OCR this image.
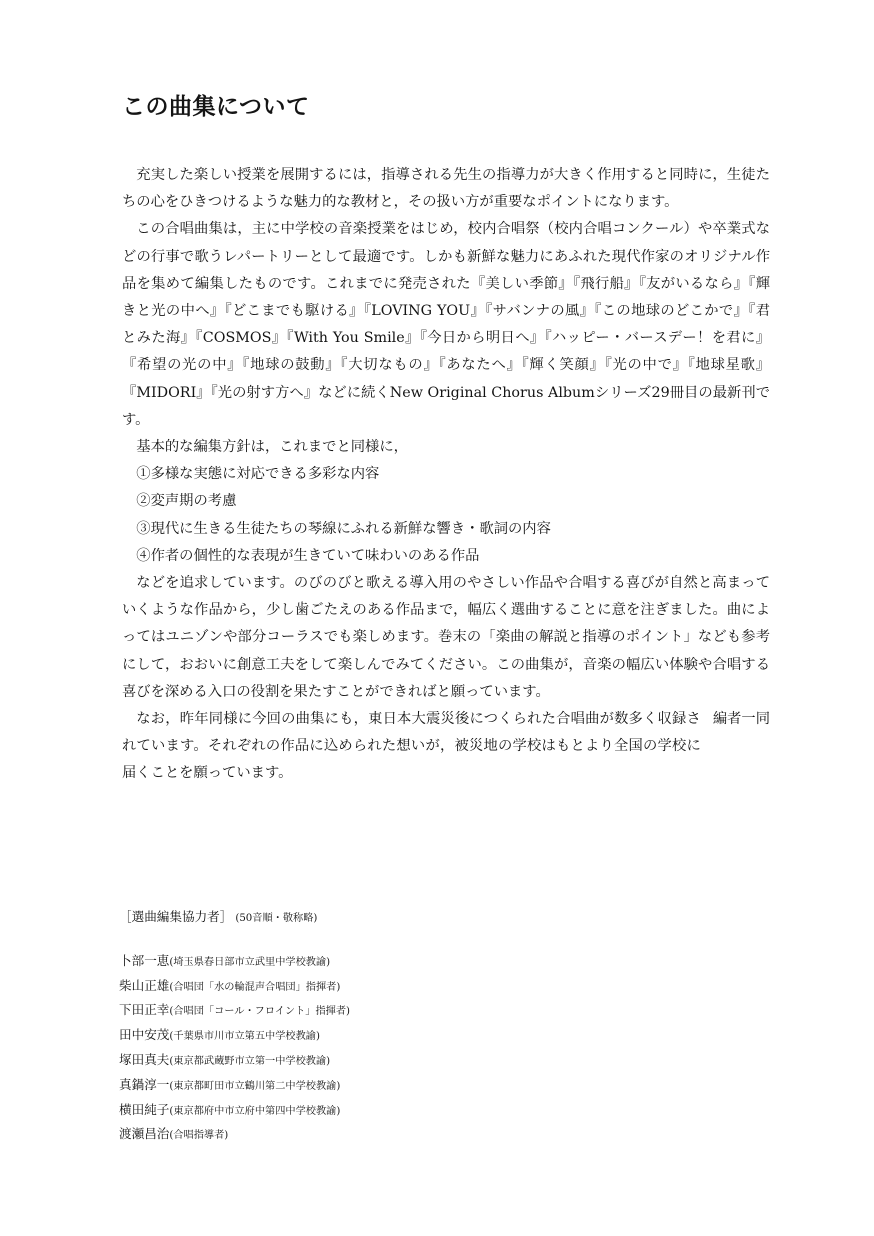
この曲集について

充実した楽しい授業を展開するには，指導される先生の指導力が大きく作用すると同時に，生徒たちの心をひきつけるような魅力的な教材と，その扱い方が重要なポイントになります。

この合唱曲集は，主に中学校の音楽授業をはじめ，校内合唱祭（校内合唱コンクール）や卒業式などの行事で歌うレパートリーとして最適です。しかも新鮮な魅力にあふれた現代作家のオリジナル作品を集めて編集したものです。これまでに発売された『美しい季節』『飛行船』『友がいるなら』『輝きと光の中へ』『どこまでも駆ける』『LOVING YOU』『サバンナの風』『この地球のどこかで』『君とみた海』『COSMOS』『With You Smile』『今日から明日へ』『ハッピー・バースデー！を君に』『希望の光の中』『地球の鼓動』『大切なもの』『あなたへ』『輝く笑顔』『光の中で』『地球星歌』『MIDORI』『光の射す方へ』などに続くNew Original Chorus Albumシリーズ29冊目の最新刊です。

基本的な編集方針は，これまでと同様に，

①多様な実態に対応できる多彩な内容

②変声期の考慮

③現代に生きる生徒たちの琴線にふれる新鮮な響き・歌詞の内容

④作者の個性的な表現が生きていて味わいのある作品

などを追求しています。のびのびと歌える導入用のやさしい作品や合唱する喜びが自然と高まっていくような作品から，少し歯ごたえのある作品まで，幅広く選曲することに意を注ぎました。曲によってはユニゾンや部分コーラスでも楽しめます。巻末の「楽曲の解説と指導のポイント」なども参考にして，おおいに創意工夫をして楽しんでみてください。この曲集が，音楽の幅広い体験や合唱する喜びを深める入口の役割を果たすことができればと願っています。

なお，昨年同様に今回の曲集にも，東日本大震災後につくられた合唱曲が数多く収録されています。それぞれの作品に込められた想いが，被災地の学校はもとより全国の学校に届くことを願っています。

編者一同
［選曲編集協力者］ (50音順・敬称略)
卜部一恵(埼玉県春日部市立武里中学校教諭)
柴山正雄(合唱団「水の輪混声合唱団」指揮者)
下田正幸(合唱団「コール・フロイント」指揮者)
田中安茂(千葉県市川市立第五中学校教諭)
塚田真夫(東京都武蔵野市立第一中学校教諭)
真鍋淳一(東京都町田市立鶴川第二中学校教諭)
横田純子(東京都府中市立府中第四中学校教諭)
渡瀬昌治(合唱指導者)
